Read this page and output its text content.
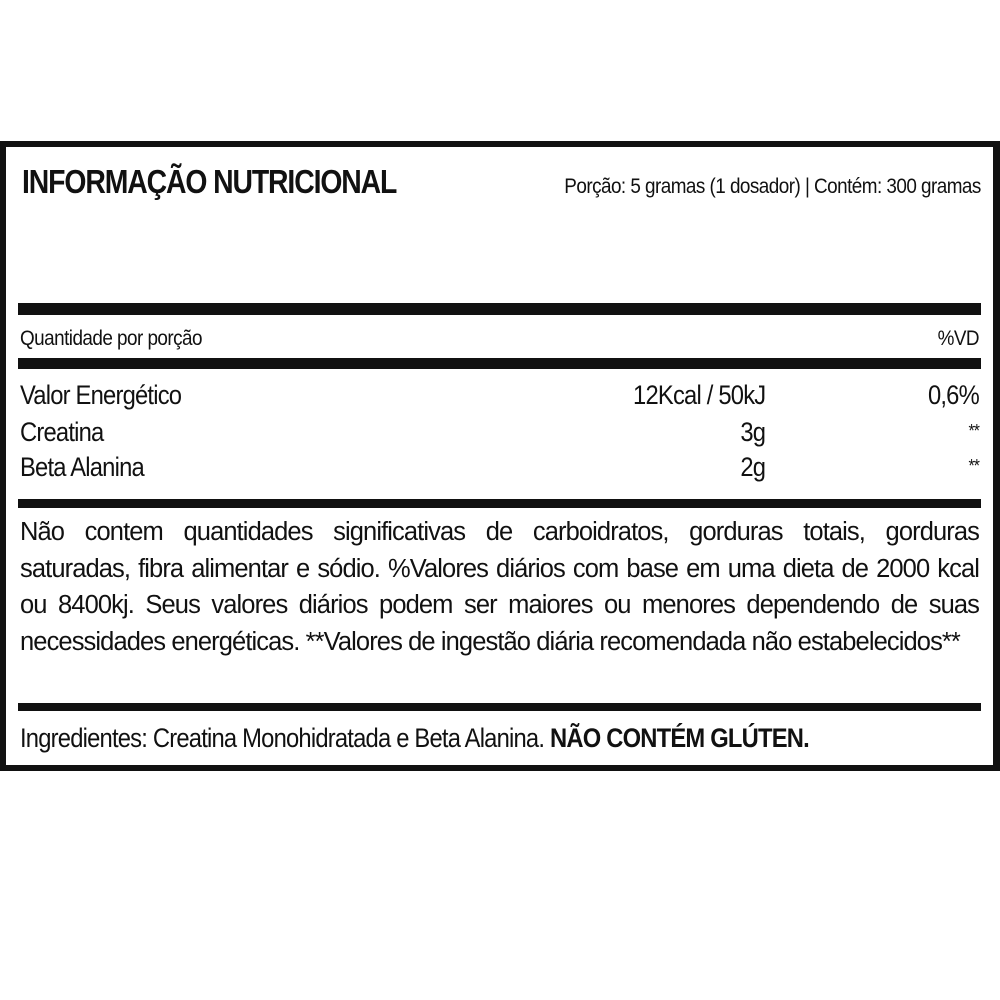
INFORMAÇÃO NUTRICIONAL	Porção: 5 gramas (1 dosador) | Contém: 300 gramas
Quantidade por porção	%VD
Valor Energético	12Kcal / 50kJ	0,6%
Creatina	3g	**
Beta Alanina	2g	**
Não contem quantidades significativas de carboidratos, gorduras totais, gorduras saturadas, fibra alimentar e sódio. %Valores diários com base em uma dieta de 2000 kcal ou 8400kj. Seus valores diários podem ser maiores ou menores dependendo de suas necessidades energéticas. **Valores de ingestão diária recomendada não estabelecidos**
Ingredientes: Creatina Monohidratada e Beta Alanina. NÃO CONTÉM GLÚTEN.
